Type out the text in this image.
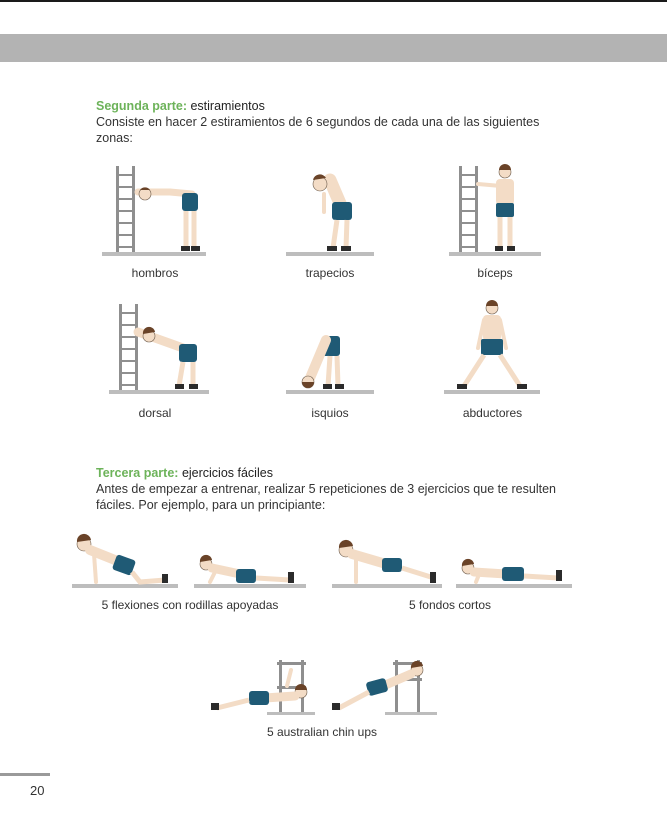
Segunda parte: estiramientos
Consiste en hacer 2 estiramientos de 6 segundos de cada una de las siguientes zonas:
hombros	trapecios	bíceps
dorsal	isquios	abductores
Tercera parte: ejercicios fáciles
Antes de empezar a entrenar, realizar 5 repeticiones de 3 ejercicios que te resulten fáciles. Por ejemplo, para un principiante:
5 flexiones con rodillas apoyadas	5 fondos cortos
5 australian chin ups
20
